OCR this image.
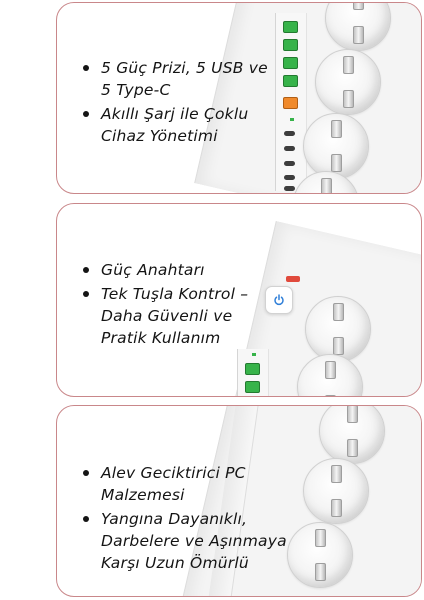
5 Güç Prizi, 5 USB ve
5 Type-C
Akıllı Şarj ile Çoklu
Cihaz Yönetimi
Güç Anahtarı
Tek Tuşla Kontrol –
Daha Güvenli ve
Pratik Kullanım
Alev Geciktirici PC
Malzemesi
Yangına Dayanıklı,
Darbelere ve Aşınmaya
Karşı Uzun Ömürlü
